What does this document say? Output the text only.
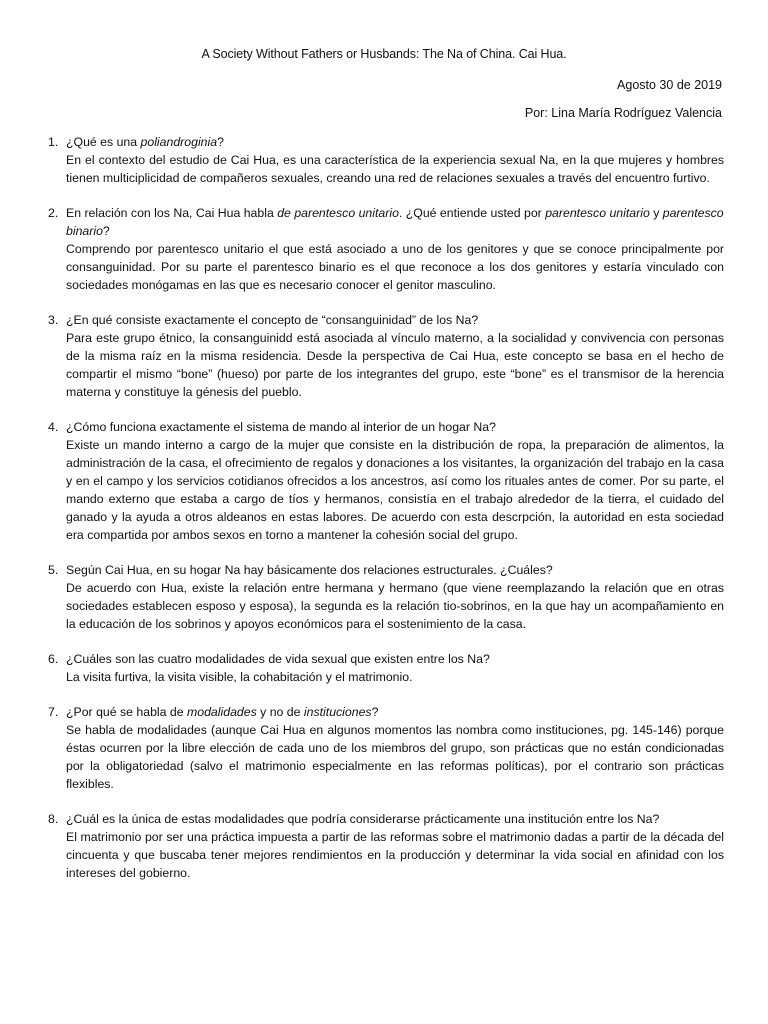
A Society Without Fathers or Husbands: The Na of China. Cai Hua.
Agosto 30 de 2019
Por: Lina María Rodríguez Valencia
1. ¿Qué es una poliandroginia?
En el contexto del estudio de Cai Hua, es una característica de la experiencia sexual Na, en la que mujeres y hombres tienen multiciplicidad de compañeros sexuales, creando una red de relaciones sexuales a través del encuentro furtivo.
2. En relación con los Na, Cai Hua habla de parentesco unitario. ¿Qué entiende usted por parentesco unitario y parentesco binario?
Comprendo por parentesco unitario el que está asociado a uno de los genitores y que se conoce principalmente por consanguinidad. Por su parte el parentesco binario es el que reconoce a los dos genitores y estaría vinculado con sociedades monógamas en las que es necesario conocer el genitor masculino.
3. ¿En qué consiste exactamente el concepto de “consanguinidad” de los Na?
Para este grupo étnico, la consanguinidd está asociada al vínculo materno, a la socialidad y convivencia con personas de la misma raíz en la misma residencia. Desde la perspectiva de Cai Hua, este concepto se basa en el hecho de compartir el mismo “bone” (hueso) por parte de los integrantes del grupo, este “bone” es el transmisor de la herencia materna y constituye la génesis del pueblo.
4. ¿Cómo funciona exactamente el sistema de mando al interior de un hogar Na?
Existe un mando interno a cargo de la mujer que consiste en la distribución de ropa, la preparación de alimentos, la administración de la casa, el ofrecimiento de regalos y donaciones a los visitantes, la organización del trabajo en la casa y en el campo y los servicios cotidianos ofrecidos a los ancestros, así como los rituales antes de comer. Por su parte, el mando externo que estaba a cargo de tíos y hermanos, consistía en el trabajo alrededor de la tierra, el cuidado del ganado y la ayuda a otros aldeanos en estas labores. De acuerdo con esta descrpción, la autoridad en esta sociedad era compartida por ambos sexos en torno a mantener la cohesión social del grupo.
5. Según Cai Hua, en su hogar Na hay básicamente dos relaciones estructurales. ¿Cuáles?
De acuerdo con Hua, existe la relación entre hermana y hermano (que viene reemplazando la relación que en otras sociedades establecen esposo y esposa), la segunda es la relación tio-sobrinos, en la que hay un acompañamiento en la educación de los sobrinos y apoyos económicos para el sostenimiento de la casa.
6. ¿Cuáles son las cuatro modalidades de vida sexual que existen entre los Na?
La visita furtiva, la visita visible, la cohabitación y el matrimonio.
7. ¿Por qué se habla de modalidades y no de instituciones?
Se habla de modalidades (aunque Cai Hua en algunos momentos las nombra como instituciones, pg. 145-146) porque éstas ocurren por la libre elección de cada uno de los miembros del grupo, son prácticas que no están condicionadas por la obligatoriedad (salvo el matrimonio especialmente en las reformas políticas), por el contrario son prácticas flexibles.
8. ¿Cuál es la única de estas modalidades que podría considerarse prácticamente una institución entre los Na?
El matrimonio por ser una práctica impuesta a partir de las reformas sobre el matrimonio dadas a partir de la década del cincuenta y que buscaba tener mejores rendimientos en la producción y determinar la vida social en afinidad con los intereses del gobierno.
